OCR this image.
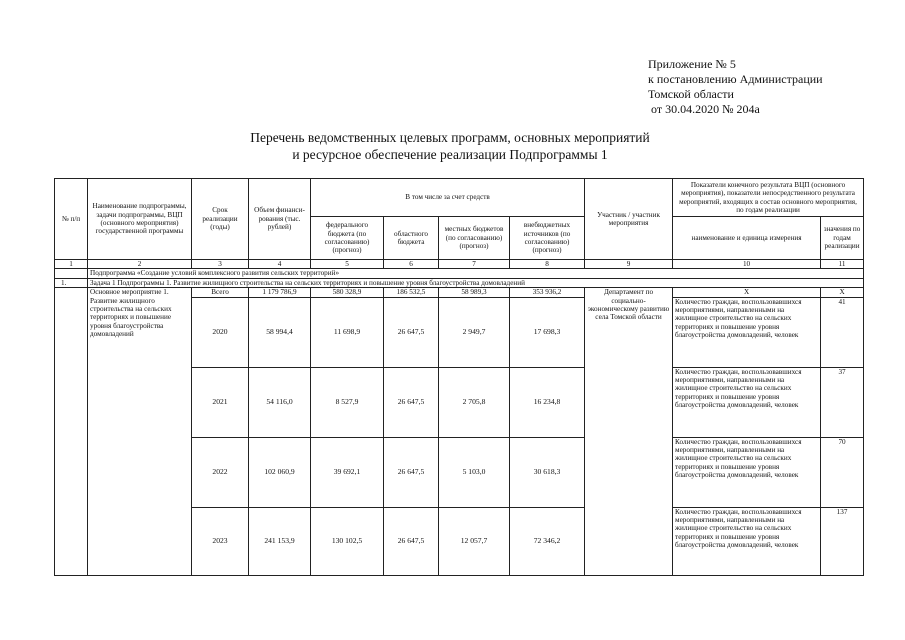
Приложение № 5
к постановлению Администрации
Томской области
от 30.04.2020 № 204а
Перечень ведомственных целевых программ, основных мероприятий
и ресурсное обеспечение реализации Подпрограммы 1
№ п/п	Наименование подпрограммы, задачи подпрограммы, ВЦП (основного мероприятия) государственной программы	Срок реализации (годы)	Объем финанси-рования (тыс. рублей)	В том числе за счет средств				Участник / участник мероприятия	Показатели конечного результата ВЦП (основного мероприятия), показатели непосредственного результата мероприятий, входящих в состав основного мероприятия, по годам реализации	
				федерального бюджета (по согласованию) (прогноз)	областного бюджета	местных бюджетов (по согласованию) (прогноз)	внебюджетных источников (по согласованию) (прогноз)		наименование и единица измерения	значения по годам реализации
1	2	3	4	5	6	7	8	9	10	11
	Подпрограмма «Создание условий комплексного развития сельских территорий»									
1.	Задача 1 Подпрограммы 1. Развитие жилищного строительства на сельских территориях и повышение уровня благоустройства домовладений									
	Основное мероприятие 1. Развитие жилищного строительства на сельских территориях и повышение уровня благоустройства домовладений	Всего	1 179 786,9	580 328,9	186 532,5	58 989,3	353 936,2	Департамент по социально-экономическому развитию села Томской области	Х	Х
		2020	58 994,4	11 698,9	26 647,5	2 949,7	17 698,3		Количество граждан, воспользовавшихся мероприятиями, направленными на жилищное строительство на сельских территориях и повышение уровня благоустройства домовладений, человек	41
		2021	54 116,0	8 527,9	26 647,5	2 705,8	16 234,8		Количество граждан, воспользовавшихся мероприятиями, направленными на жилищное строительство на сельских территориях и повышение уровня благоустройства домовладений, человек	37
		2022	102 060,9	39 692,1	26 647,5	5 103,0	30 618,3		Количество граждан, воспользовавшихся мероприятиями, направленными на жилищное строительство на сельских территориях и повышение уровня благоустройства домовладений, человек	70
		2023	241 153,9	130 102,5	26 647,5	12 057,7	72 346,2		Количество граждан, воспользовавшихся мероприятиями, направленными на жилищное строительство на сельских территориях и повышение уровня благоустройства домовладений, человек	137
